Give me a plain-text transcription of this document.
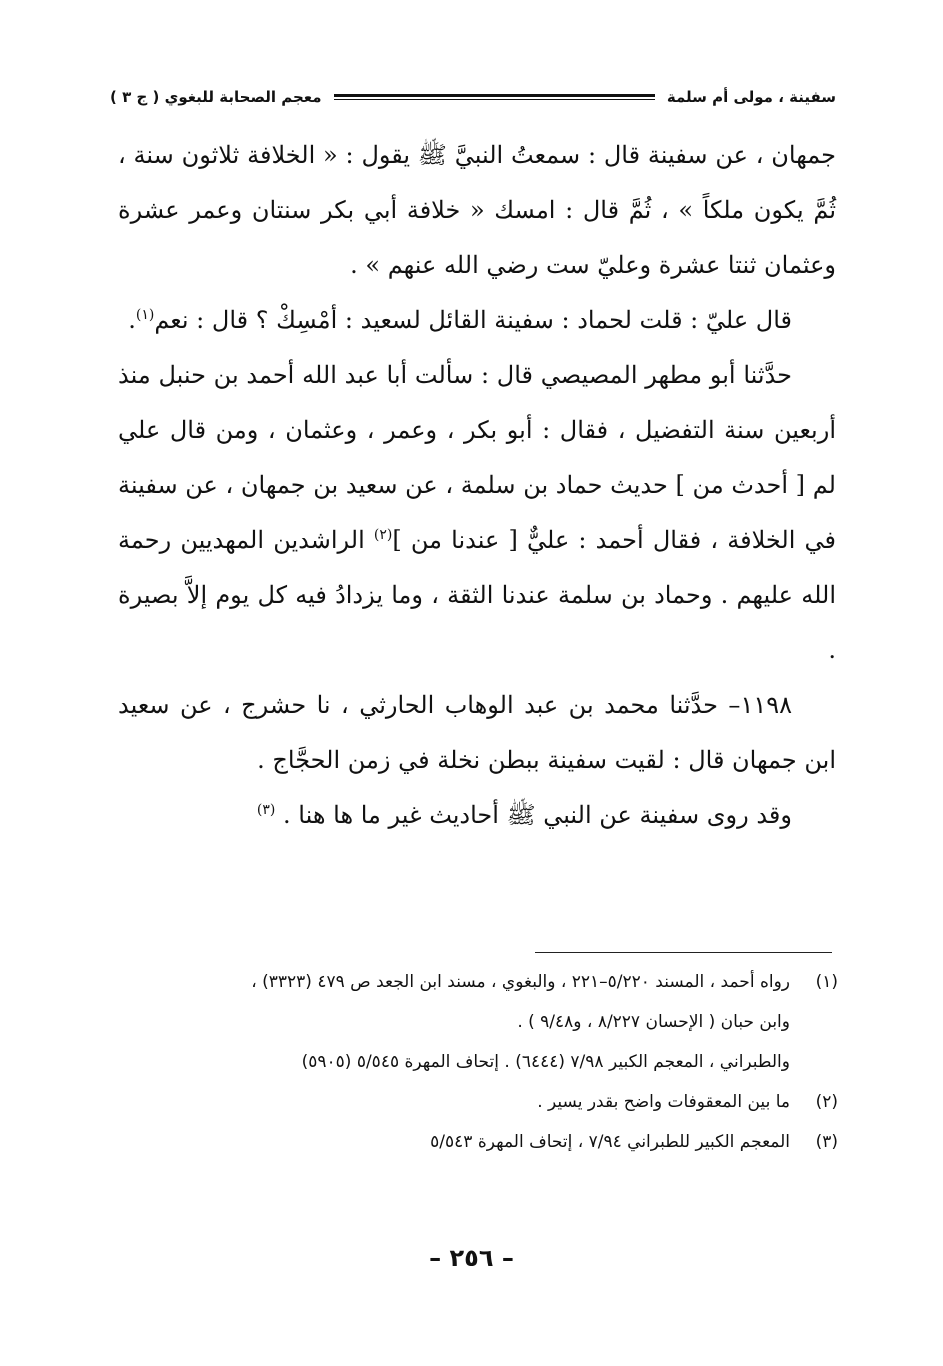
سفينة ، مولى أم سلمة
معجم الصحابة للبغوي ( ج ٣ )

جمهان ، عن سفينة قال : سمعتُ النبيَّ ﷺ يقول : « الخلافة ثلاثون سنة ، ثُمَّ يكون ملكاً » ، ثُمَّ قال : امسك « خلافة أبي بكر سنتان وعمر عشرة وعثمان ثنتا عشرة وعليّ ست رضي الله عنهم » .

قال عليّ : قلت لحماد : سفينة القائل لسعيد : أمْسِكْ ؟ قال : نعم$^{(١)}$.

حدَّثنا أبو مطهر المصيصي قال : سألت أبا عبد الله أحمد بن حنبل منذ أربعين سنة التفضيل ، فقال : أبو بكر ، وعمر ، وعثمان ، ومن قال علي لم [ أحدث من ] حديث حماد بن سلمة ، عن سعيد بن جمهان ، عن سفينة في الخلافة ، فقال أحمد : عليٌّ [ عندنا من ]$^{(٢)}$ الراشدين المهديين رحمة الله عليهم . وحماد بن سلمة عندنا الثقة ، وما يزدادُ فيه كل يوم إلاَّ بصيرة .

١١٩٨– حدَّثنا محمد بن عبد الوهاب الحارثي ، نا حشرج ، عن سعيد ابن جمهان قال : لقيت سفينة ببطن نخلة في زمن الحجَّاج .

وقد روى سفينة عن النبي ﷺ أحاديث غير ما ها هنا . $^{(٣)}$

(١)
رواه أحمد ، المسند ٥/٢٢٠–٢٢١ ، والبغوي ، مسند ابن الجعد ص ٤٧٩ (٣٣٢٣) ،
وابن حبان ( الإحسان ٨/٢٢٧ ، و٩/٤٨ ) .
والطبراني ، المعجم الكبير ٧/٩٨ (٦٤٤٤) . إتحاف المهرة ٥/٥٤٥ (٥٩٠٥)
(٢)
ما بين المعقوفات واضح بقدر يسير .
(٣)
المعجم الكبير للطبراني ٧/٩٤ ، إتحاف المهرة ٥/٥٤٣
– ٢٥٦ –
